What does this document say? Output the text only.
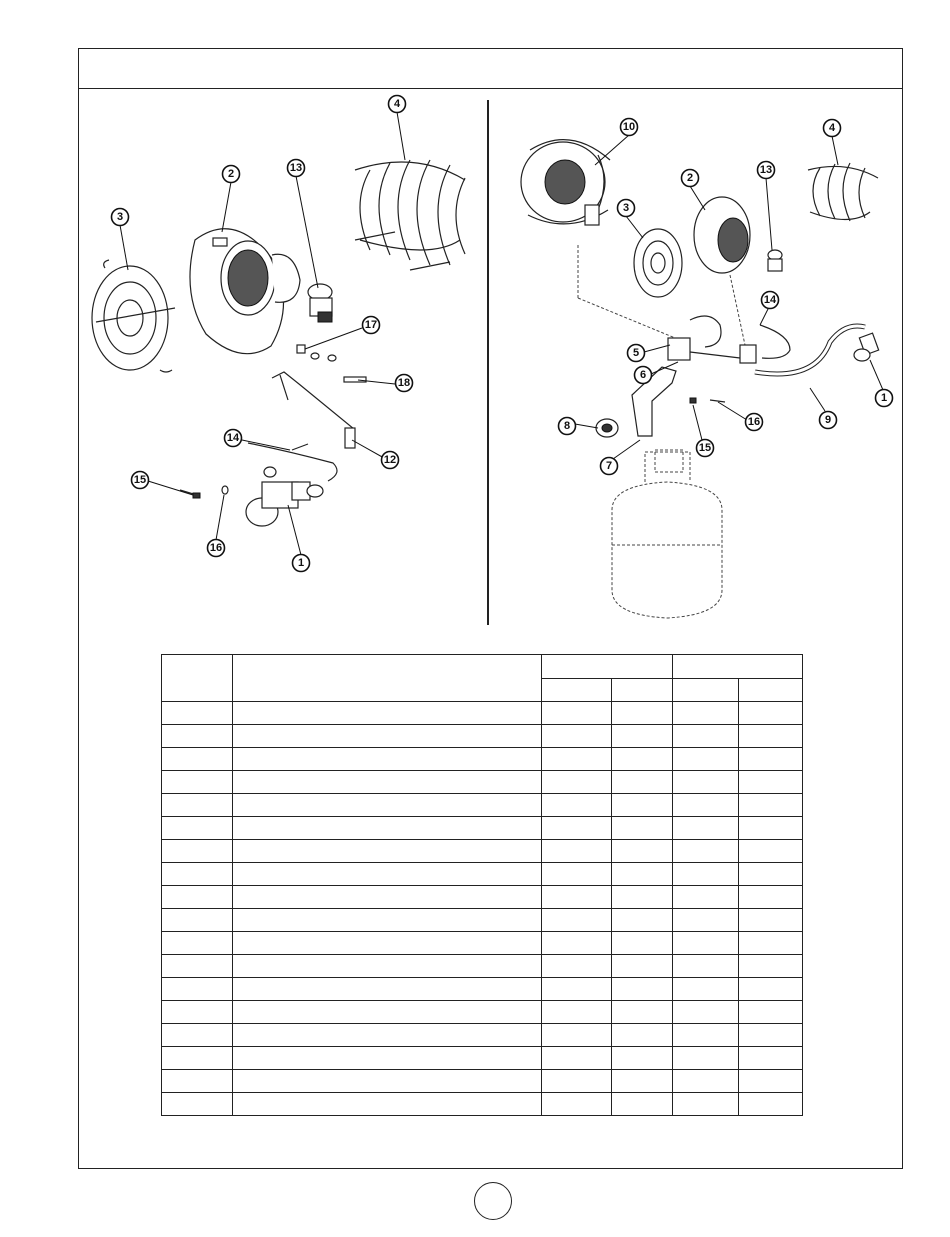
2
3
13
4
17
18
12
14
15
16
1
10
2
3
13
4
14
5
6
9
1
8
7
15
16
